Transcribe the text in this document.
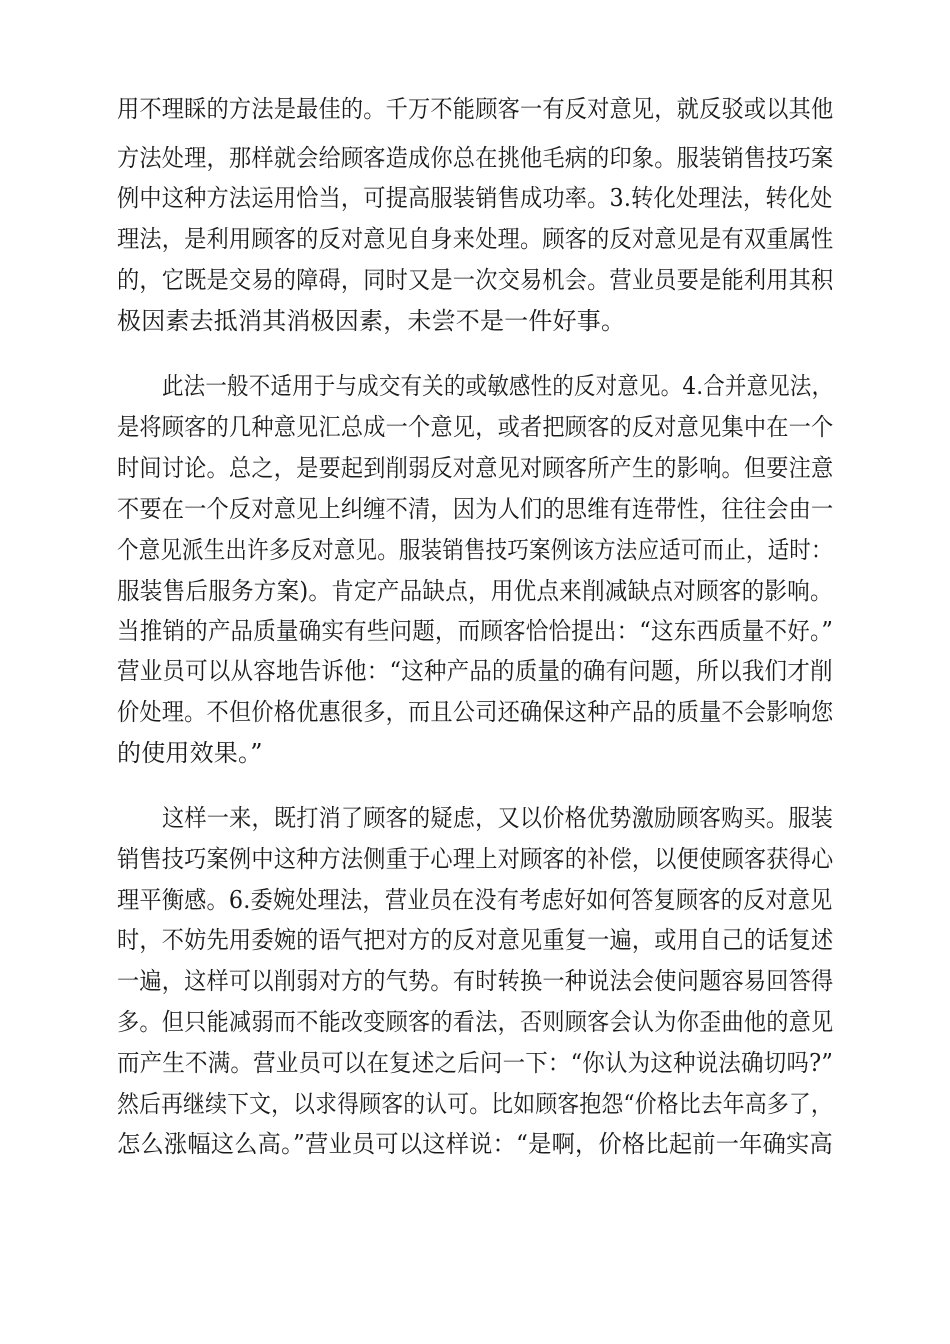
用不理睬的方法是最佳的。千万不能顾客一有反对意见，就反驳或以其他
方法处理，那样就会给顾客造成你总在挑他毛病的印象。服装销售技巧案
例中这种方法运用恰当，可提高服装销售成功率。3.转化处理法，转化处
理法，是利用顾客的反对意见自身来处理。顾客的反对意见是有双重属性
的，它既是交易的障碍，同时又是一次交易机会。营业员要是能利用其积
极因素去抵消其消极因素，未尝不是一件好事。
此法一般不适用于与成交有关的或敏感性的反对意见。4.合并意见法，
是将顾客的几种意见汇总成一个意见，或者把顾客的反对意见集中在一个
时间讨论。总之，是要起到削弱反对意见对顾客所产生的影响。但要注意
不要在一个反对意见上纠缠不清，因为人们的思维有连带性，往往会由一
个意见派生出许多反对意见。服装销售技巧案例该方法应适可而止，适时：
服装售后服务方案)。肯定产品缺点，用优点来削减缺点对顾客的影响。
当推销的产品质量确实有些问题，而顾客恰恰提出：“这东西质量不好。”
营业员可以从容地告诉他：“这种产品的质量的确有问题，所以我们才削
价处理。不但价格优惠很多，而且公司还确保这种产品的质量不会影响您
的使用效果。”
这样一来，既打消了顾客的疑虑，又以价格优势激励顾客购买。服装
销售技巧案例中这种方法侧重于心理上对顾客的补偿，以便使顾客获得心
理平衡感。6.委婉处理法，营业员在没有考虑好如何答复顾客的反对意见
时，不妨先用委婉的语气把对方的反对意见重复一遍，或用自己的话复述
一遍，这样可以削弱对方的气势。有时转换一种说法会使问题容易回答得
多。但只能减弱而不能改变顾客的看法，否则顾客会认为你歪曲他的意见
而产生不满。营业员可以在复述之后问一下：“你认为这种说法确切吗?”
然后再继续下文，以求得顾客的认可。比如顾客抱怨“价格比去年高多了，
怎么涨幅这么高。”营业员可以这样说：“是啊，价格比起前一年确实高
